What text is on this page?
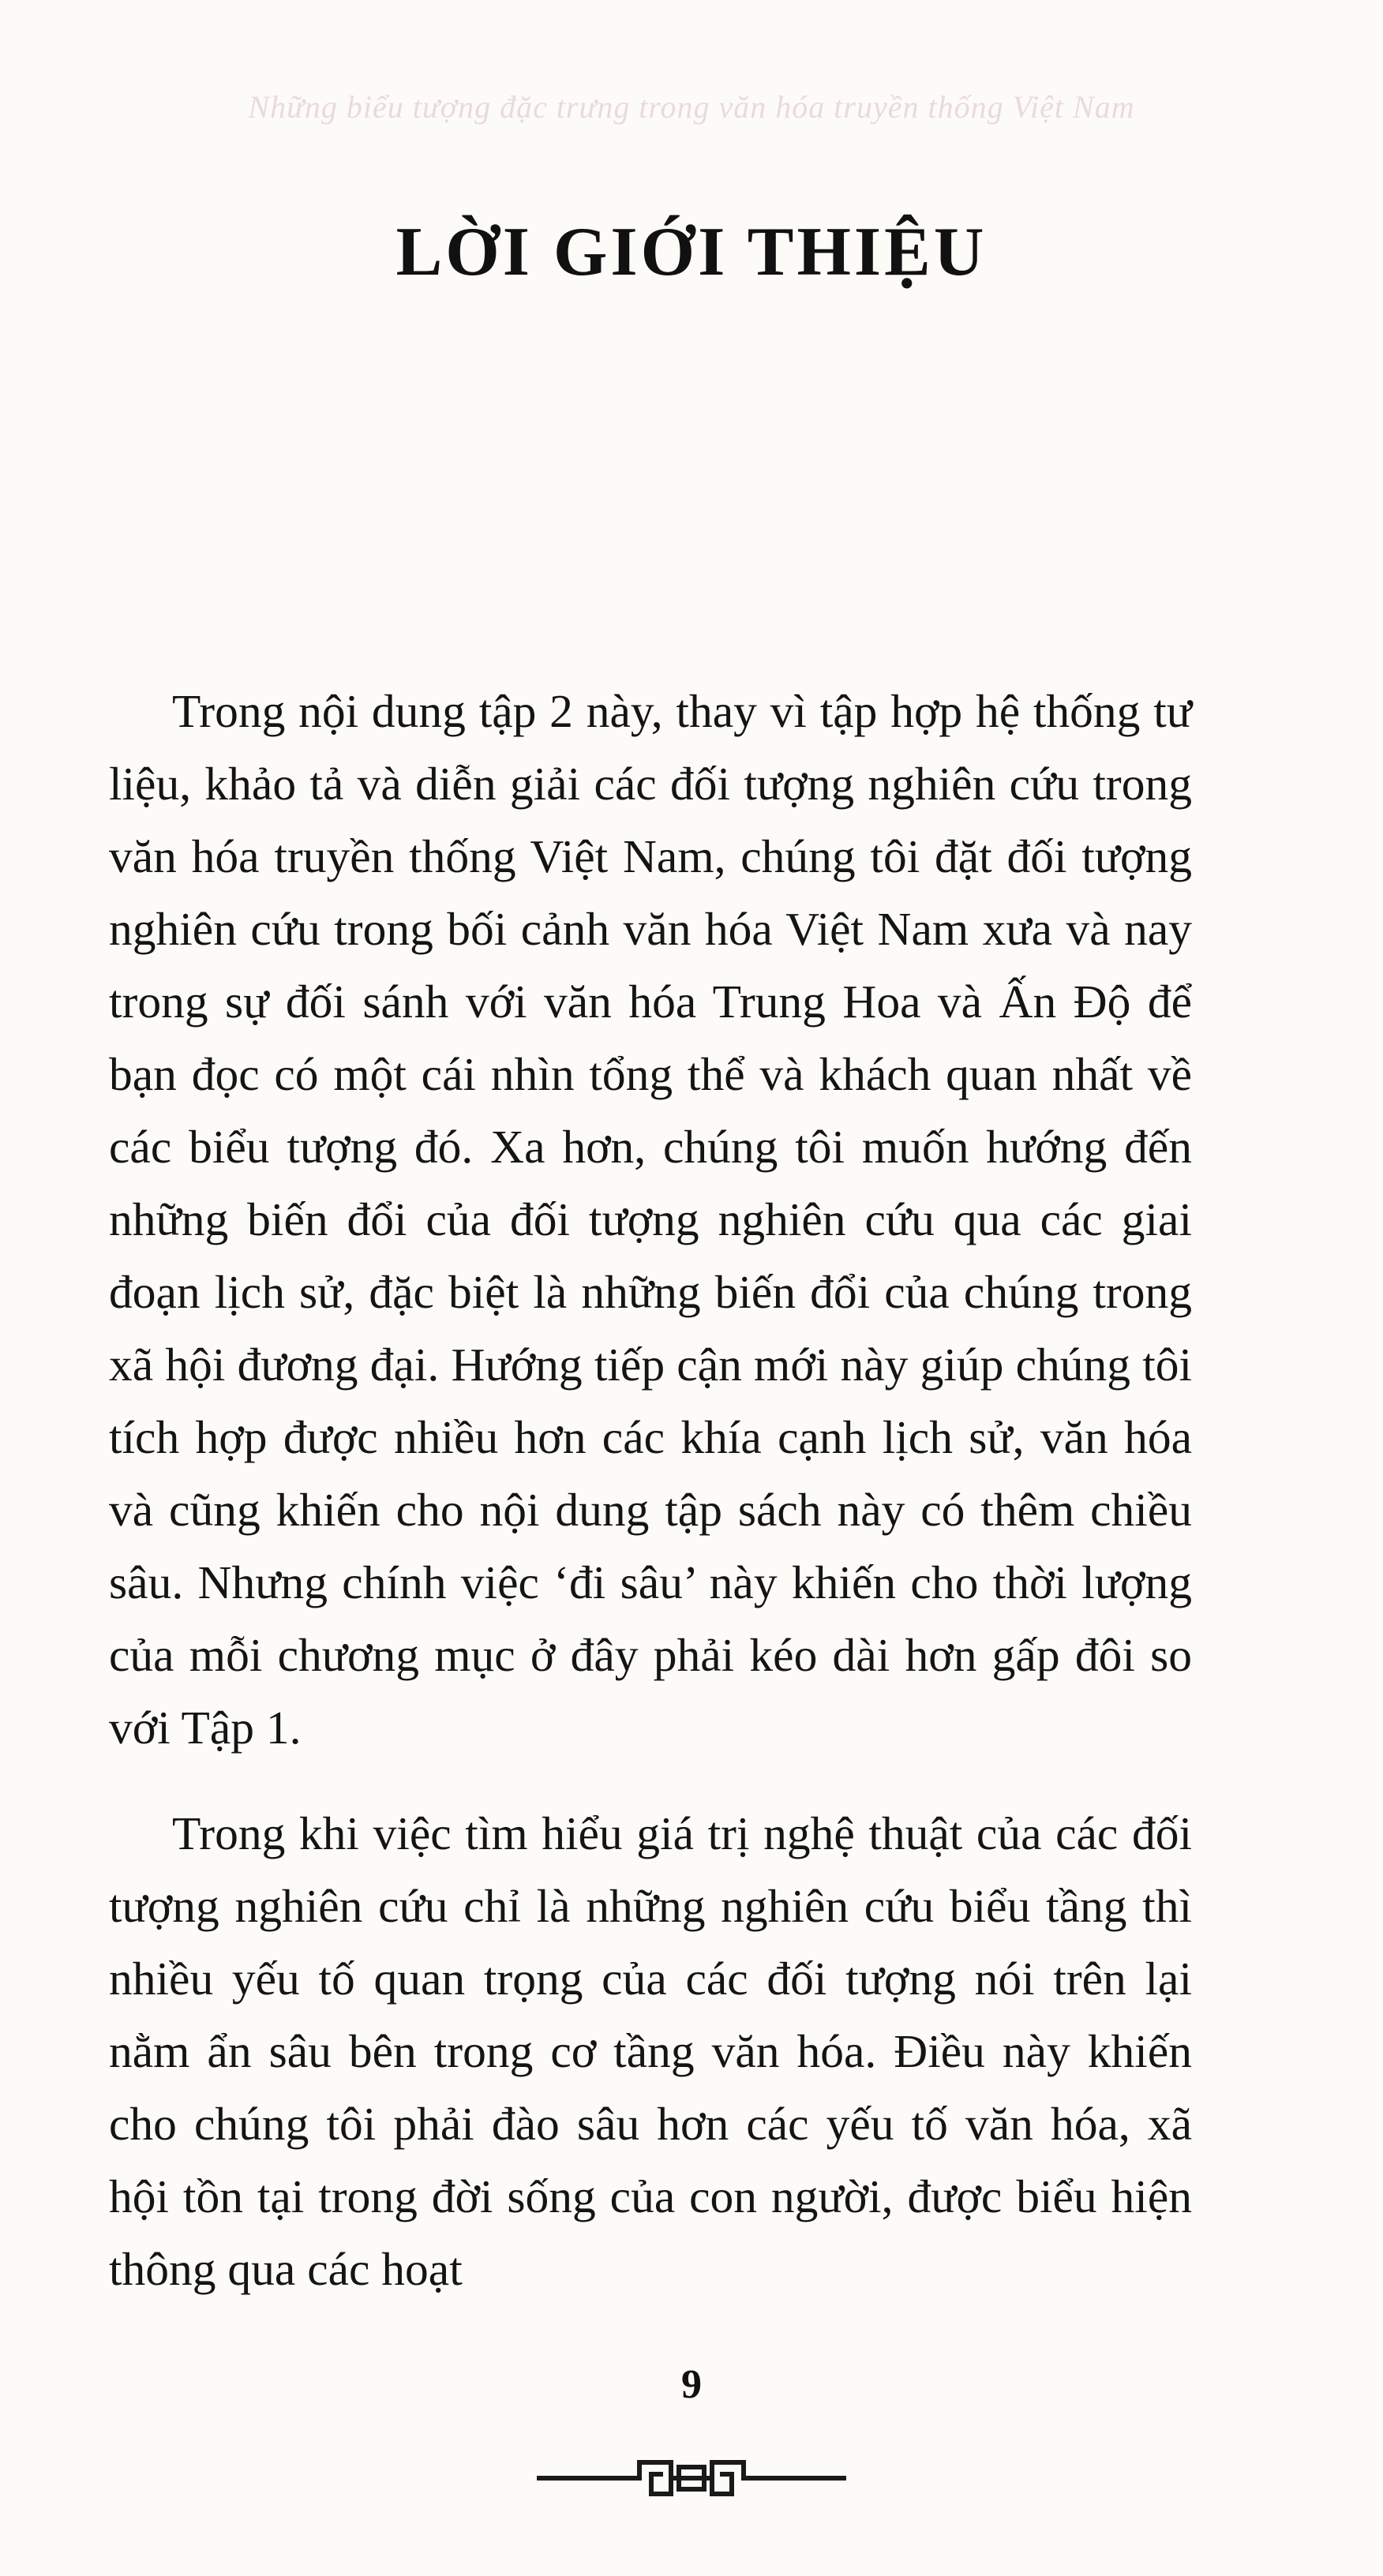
Những biểu tượng đặc trưng trong văn hóa truyền thống Việt Nam
LỜI GIỚI THIỆU

Trong nội dung tập 2 này, thay vì tập hợp hệ thống tư liệu, khảo tả và diễn giải các đối tượng nghiên cứu trong văn hóa truyền thống Việt Nam, chúng tôi đặt đối tượng nghiên cứu trong bối cảnh văn hóa Việt Nam xưa và nay trong sự đối sánh với văn hóa Trung Hoa và Ấn Độ để bạn đọc có một cái nhìn tổng thể và khách quan nhất về các biểu tượng đó. Xa hơn, chúng tôi muốn hướng đến những biến đổi của đối tượng nghiên cứu qua các giai đoạn lịch sử, đặc biệt là những biến đổi của chúng trong xã hội đương đại. Hướng tiếp cận mới này giúp chúng tôi tích hợp được nhiều hơn các khía cạnh lịch sử, văn hóa và cũng khiến cho nội dung tập sách này có thêm chiều sâu. Nhưng chính việc ‘đi sâu’ này khiến cho thời lượng của mỗi chương mục ở đây phải kéo dài hơn gấp đôi so với Tập 1.

Trong khi việc tìm hiểu giá trị nghệ thuật của các đối tượng nghiên cứu chỉ là những nghiên cứu biểu tầng thì nhiều yếu tố quan trọng của các đối tượng nói trên lại nằm ẩn sâu bên trong cơ tầng văn hóa. Điều này khiến cho chúng tôi phải đào sâu hơn các yếu tố văn hóa, xã hội tồn tại trong đời sống của con người, được biểu hiện thông qua các hoạt

9
